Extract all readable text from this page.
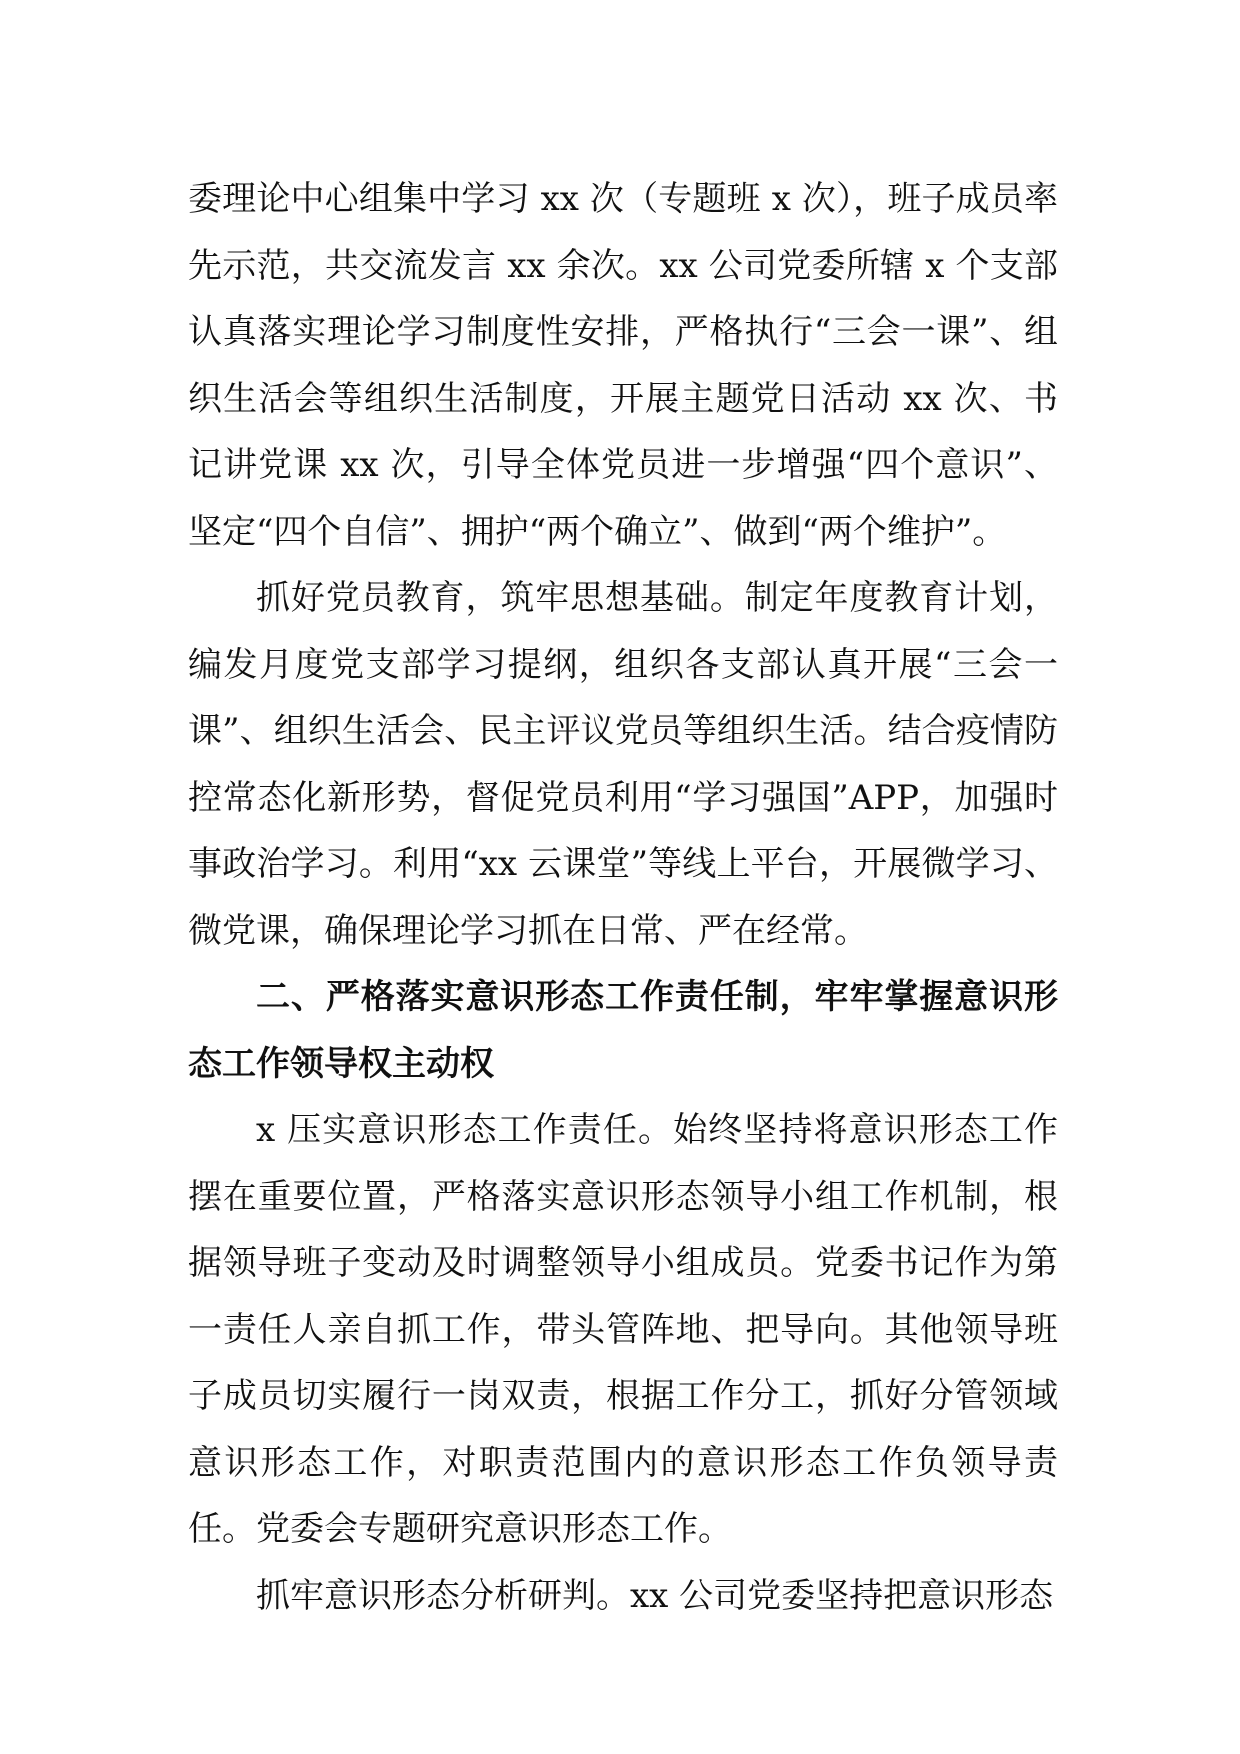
委理论中心组集中学习 xx 次（专题班 x 次），班子成员率先示范，共交流发言 xx 余次。xx 公司党委所辖 x 个支部认真落实理论学习制度性安排，严格执行“三会一课”、组织生活会等组织生活制度，开展主题党日活动 xx 次、书记讲党课 xx 次，引导全体党员进一步增强“四个意识”、坚定“四个自信”、拥护“两个确立”、做到“两个维护”。

抓好党员教育，筑牢思想基础。制定年度教育计划，编发月度党支部学习提纲，组织各支部认真开展“三会一课”、组织生活会、民主评议党员等组织生活。结合疫情防控常态化新形势，督促党员利用“学习强国”APP，加强时事政治学习。利用“xx 云课堂”等线上平台，开展微学习、微党课，确保理论学习抓在日常、严在经常。

二、严格落实意识形态工作责任制，牢牢掌握意识形态工作领导权主动权

x 压实意识形态工作责任。始终坚持将意识形态工作摆在重要位置，严格落实意识形态领导小组工作机制，根据领导班子变动及时调整领导小组成员。党委书记作为第一责任人亲自抓工作，带头管阵地、把导向。其他领导班子成员切实履行一岗双责，根据工作分工，抓好分管领域意识形态工作，对职责范围内的意识形态工作负领导责任。党委会专题研究意识形态工作。

抓牢意识形态分析研判。xx 公司党委坚持把意识形态
